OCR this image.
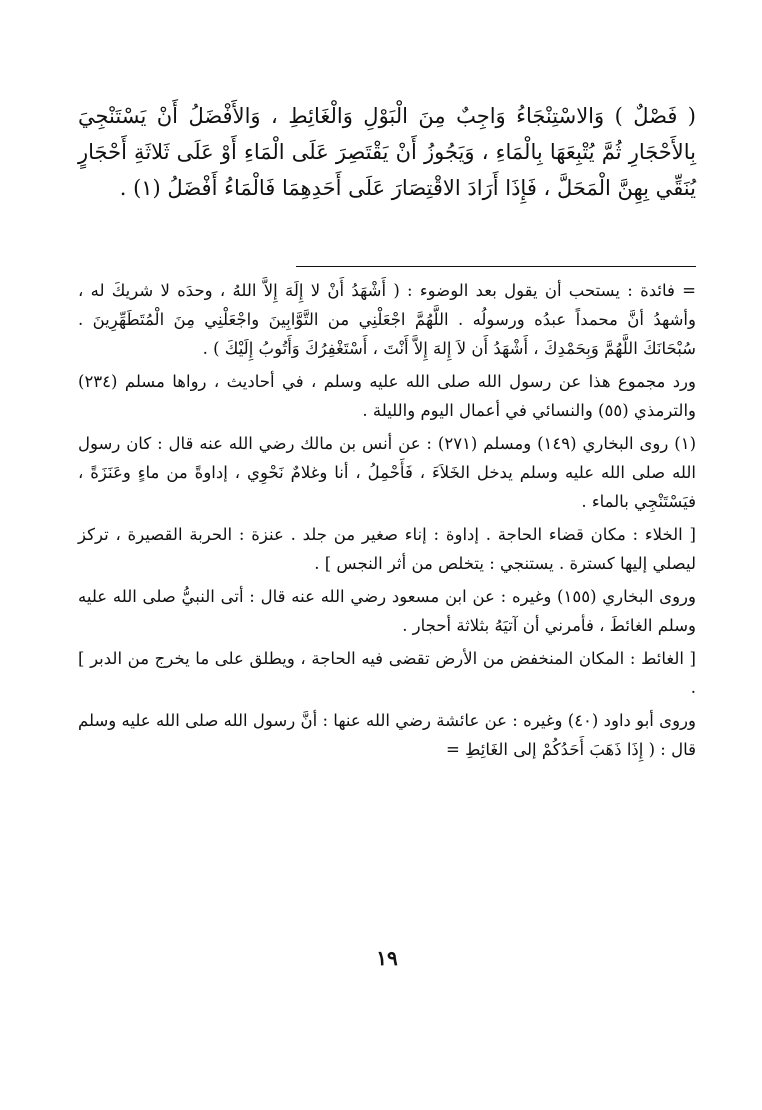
( فَصْلٌ ) وَالاسْتِنْجَاءُ وَاجِبٌ مِنَ الْبَوْلِ وَالْغَائِطِ ، وَالأَفْضَلُ أَنْ يَسْتَنْجِيَ بِالأَحْجَارِ ثُمَّ يُتْبِعَهَا بِالْمَاءِ ، وَيَجُوزُ أَنْ يَقْتَصِرَ عَلَى الْمَاءِ أَوْ عَلَى ثَلاثَةِ أَحْجَارٍ يُنَقِّي بِهِنَّ الْمَحَلَّ ، فَإِذَا أَرَادَ الاقْتِصَارَ عَلَى أَحَدِهِمَا فَالْمَاءُ أَفْضَلُ (١) .

= فائدة : يستحب أن يقول بعد الوضوء : ( أَشْهَدُ أَنْ لا إِلَهَ إِلاَّ اللهُ ، وحدَه لا شريكَ له ، وأشهدُ أنَّ محمداً عبدُه ورسولُه . اللَّهُمَّ اجْعَلْنِي من التَّوَّابِينَ واجْعَلْنِي مِنَ الْمُتَطَهِّرِينَ . سُبْحَانَكَ اللَّهُمَّ وَبِحَمْدِكَ ، أَشْهَدُ أَن لاَ إِلهَ إِلاَّ أَنْتَ ، أَسْتَغْفِرُكَ وَأَتُوبُ إِلَيْكَ ) .

ورد مجموع هذا عن رسول الله صلى الله عليه وسلم ، في أحاديث ، رواها مسلم (٢٣٤) والترمذي (٥٥) والنسائي في أعمال اليوم والليلة .

(١) روى البخاري (١٤٩) ومسلم (٢٧١) : عن أنس بن مالك رضي الله عنه قال : كان رسول الله صلى الله عليه وسلم يدخل الخَلاَءَ ، فَأَحْمِلُ ، أنا وغلامٌ نَحْوِي ، إداوةً من ماءٍ وعَنَزَةً ، فيَسْتَنْجِي بالماء .

[ الخلاء : مكان قضاء الحاجة . إداوة : إناء صغير من جلد . عنزة : الحربة القصيرة ، تركز ليصلي إليها كسترة . يستنجي : يتخلص من أثر النجس ] .

وروى البخاري (١٥٥) وغيره : عن ابن مسعود رضي الله عنه قال : أتى النبيُّ صلى الله عليه وسلم الغائطَ ، فأمرني أن آتيَهُ بثلاثة أحجار .

[ الغائط : المكان المنخفض من الأرض تقضى فيه الحاجة ، ويطلق على ما يخرج من الدبر ] .

وروى أبو داود (٤٠) وغيره : عن عائشة رضي الله عنها : أنَّ رسول الله صلى الله عليه وسلم قال : ( إِذَا ذَهَبَ أَحَدُكُمْ إلى الغَائِطِ =

١٩
